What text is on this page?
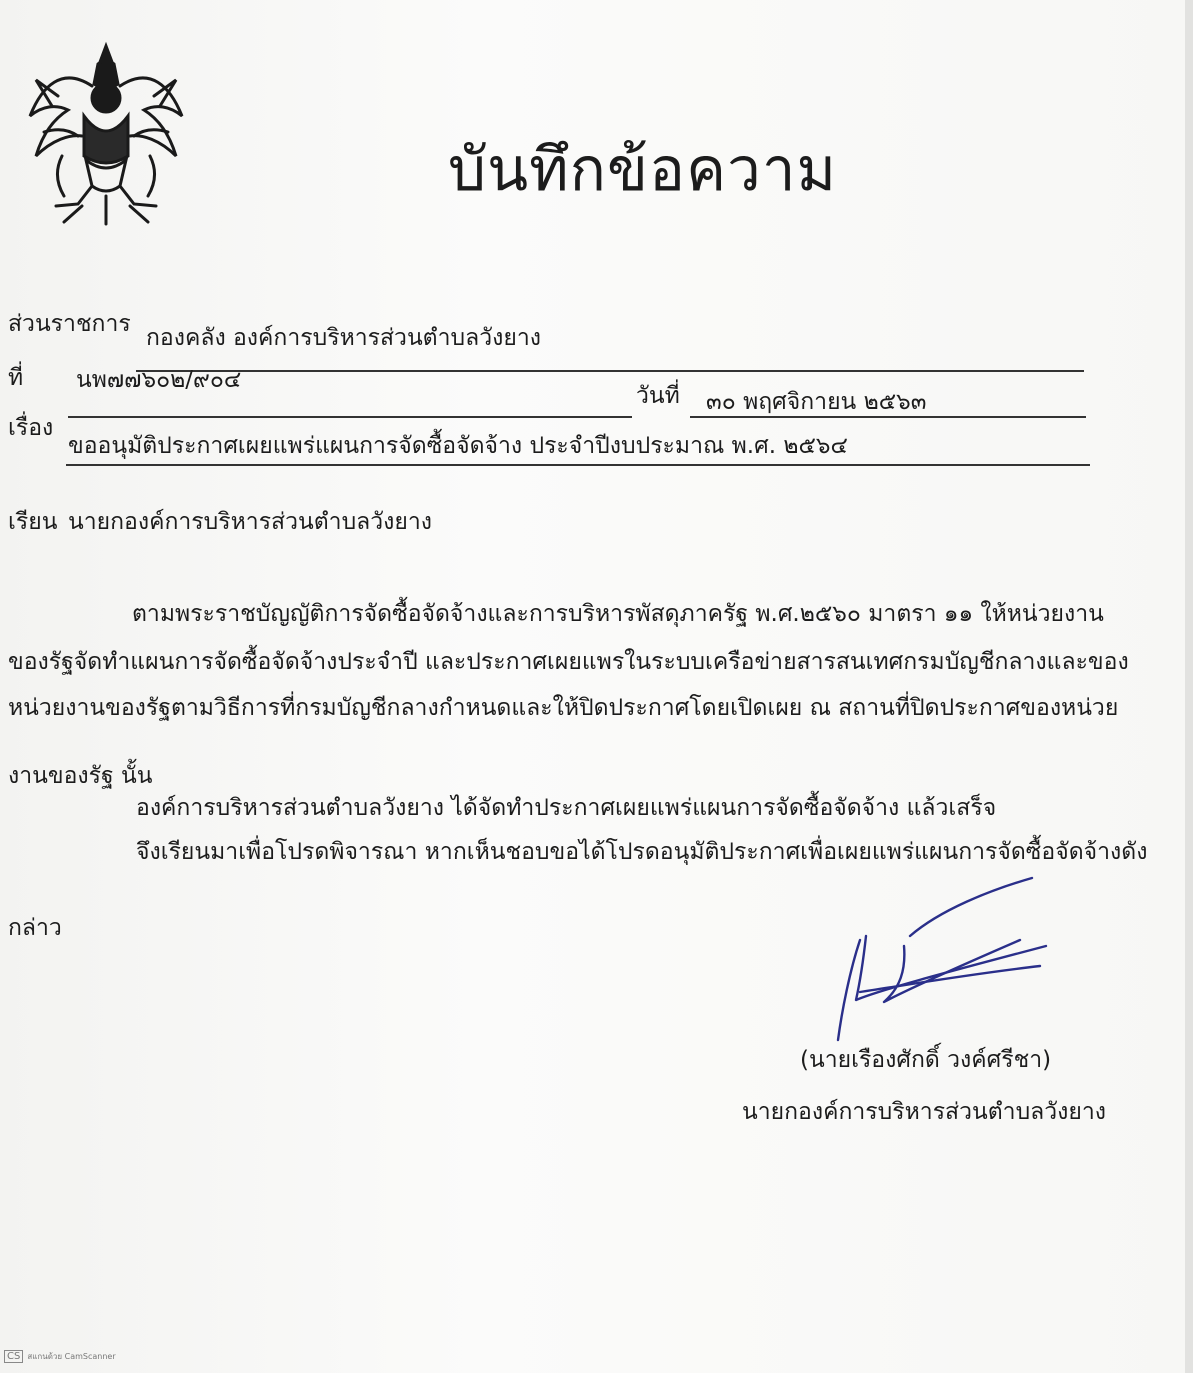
บันทึกข้อความ
ส่วนราชการ
กองคลัง องค์การบริหารส่วนตำบลวังยาง
ที่ นพ๗๗๖๐๒/๙๐๔
วันที่ ๓๐ พฤศจิกายน ๒๕๖๓
เรื่อง
ขออนุมัติประกาศเผยแพร่แผนการจัดซื้อจัดจ้าง ประจำปีงบประมาณ พ.ศ. ๒๕๖๔
เรียน นายกองค์การบริหารส่วนตำบลวังยาง
ตามพระราชบัญญัติการจัดซื้อจัดจ้างและการบริหารพัสดุภาครัฐ พ.ศ.๒๕๖๐ มาตรา ๑๑ ให้หน่วยงาน
ของรัฐจัดทำแผนการจัดซื้อจัดจ้างประจำปี และประกาศเผยแพรในระบบเครือข่ายสารสนเทศกรมบัญชีกลางและของ
หน่วยงานของรัฐตามวิธีการที่กรมบัญชีกลางกำหนดและให้ปิดประกาศโดยเปิดเผย ณ สถานที่ปิดประกาศของหน่วย
งานของรัฐ นั้น
องค์การบริหารส่วนตำบลวังยาง ได้จัดทำประกาศเผยแพร่แผนการจัดซื้อจัดจ้าง แล้วเสร็จ
จึงเรียนมาเพื่อโปรดพิจารณา หากเห็นชอบขอได้โปรดอนุมัติประกาศเพื่อเผยแพร่แผนการจัดซื้อจัดจ้างดัง
กล่าว
(นายเรืองศักดิ์ วงค์ศรีชา)
นายกองค์การบริหารส่วนตำบลวังยาง
CS สแกนด้วย CamScanner
